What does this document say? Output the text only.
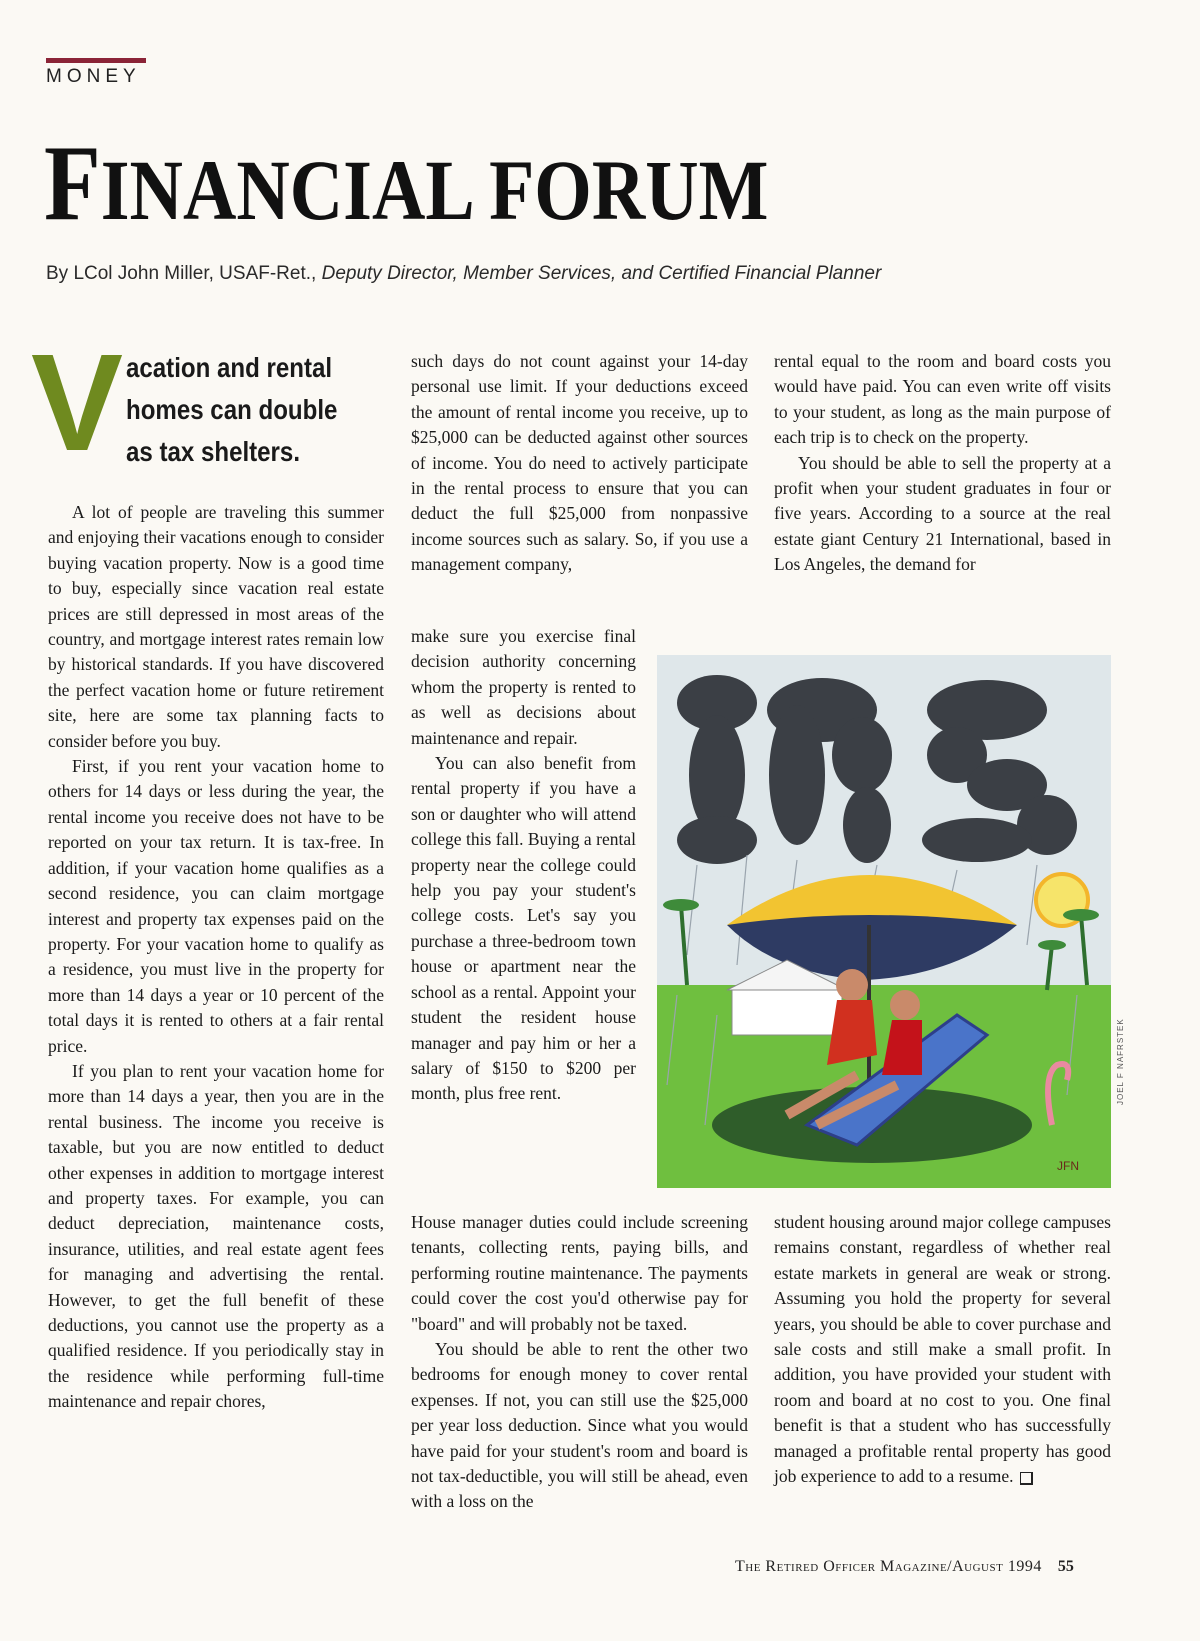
MONEY
FINANCIAL FORUM
By LCol John Miller, USAF-Ret., Deputy Director, Member Services, and Certified Financial Planner
V acation and rental homes can double as tax shelters.

A lot of people are traveling this summer and enjoying their vacations enough to consider buying vacation property. Now is a good time to buy, especially since vacation real estate prices are still depressed in most areas of the country, and mortgage interest rates remain low by historical standards. If you have discovered the perfect vacation home or future retirement site, here are some tax planning facts to consider before you buy.

First, if you rent your vacation home to others for 14 days or less during the year, the rental income you receive does not have to be reported on your tax return. It is tax-free. In addition, if your vacation home qualifies as a second residence, you can claim mortgage interest and property tax expenses paid on the property. For your vacation home to qualify as a residence, you must live in the property for more than 14 days a year or 10 percent of the total days it is rented to others at a fair rental price.

If you plan to rent your vacation home for more than 14 days a year, then you are in the rental business. The income you receive is taxable, but you are now entitled to deduct other expenses in addition to mortgage interest and property taxes. For example, you can deduct depreciation, maintenance costs, insurance, utilities, and real estate agent fees for managing and advertising the rental. However, to get the full benefit of these deductions, you cannot use the property as a qualified residence. If you periodically stay in the residence while performing full-time maintenance and repair chores,

such days do not count against your 14-day personal use limit. If your deductions exceed the amount of rental income you receive, up to $25,000 can be deducted against other sources of income. You do need to actively participate in the rental process to ensure that you can deduct the full $25,000 from nonpassive income sources such as salary. So, if you use a management company,

make sure you exercise final decision authority concerning whom the property is rented to as well as decisions about maintenance and repair.

You can also benefit from rental property if you have a son or daughter who will attend college this fall. Buying a rental property near the college could help you pay your student's college costs. Let's say you purchase a three-bedroom town house or apartment near the school as a rental. Appoint your student the resident house manager and pay him or her a salary of $150 to $200 per month, plus free rent.

House manager duties could include screening tenants, collecting rents, paying bills, and performing routine maintenance. The payments could cover the cost you'd otherwise pay for "board" and will probably not be taxed.

You should be able to rent the other two bedrooms for enough money to cover rental expenses. If not, you can still use the $25,000 per year loss deduction. Since what you would have paid for your student's room and board is not tax-deductible, you will still be ahead, even with a loss on the

rental equal to the room and board costs you would have paid. You can even write off visits to your student, as long as the main purpose of each trip is to check on the property.

You should be able to sell the property at a profit when your student graduates in four or five years. According to a source at the real estate giant Century 21 International, based in Los Angeles, the demand for

student housing around major college campuses remains constant, regardless of whether real estate markets in general are weak or strong. Assuming you hold the property for several years, you should be able to cover purchase and sale costs and still make a small profit. In addition, you have provided your student with room and board at no cost to you. One final benefit is that a student who has successfully managed a profitable rental property has good job experience to add to a resume.

JFN
JOEL F NAFRSTEK
The Retired Officer Magazine/August 1994 55
